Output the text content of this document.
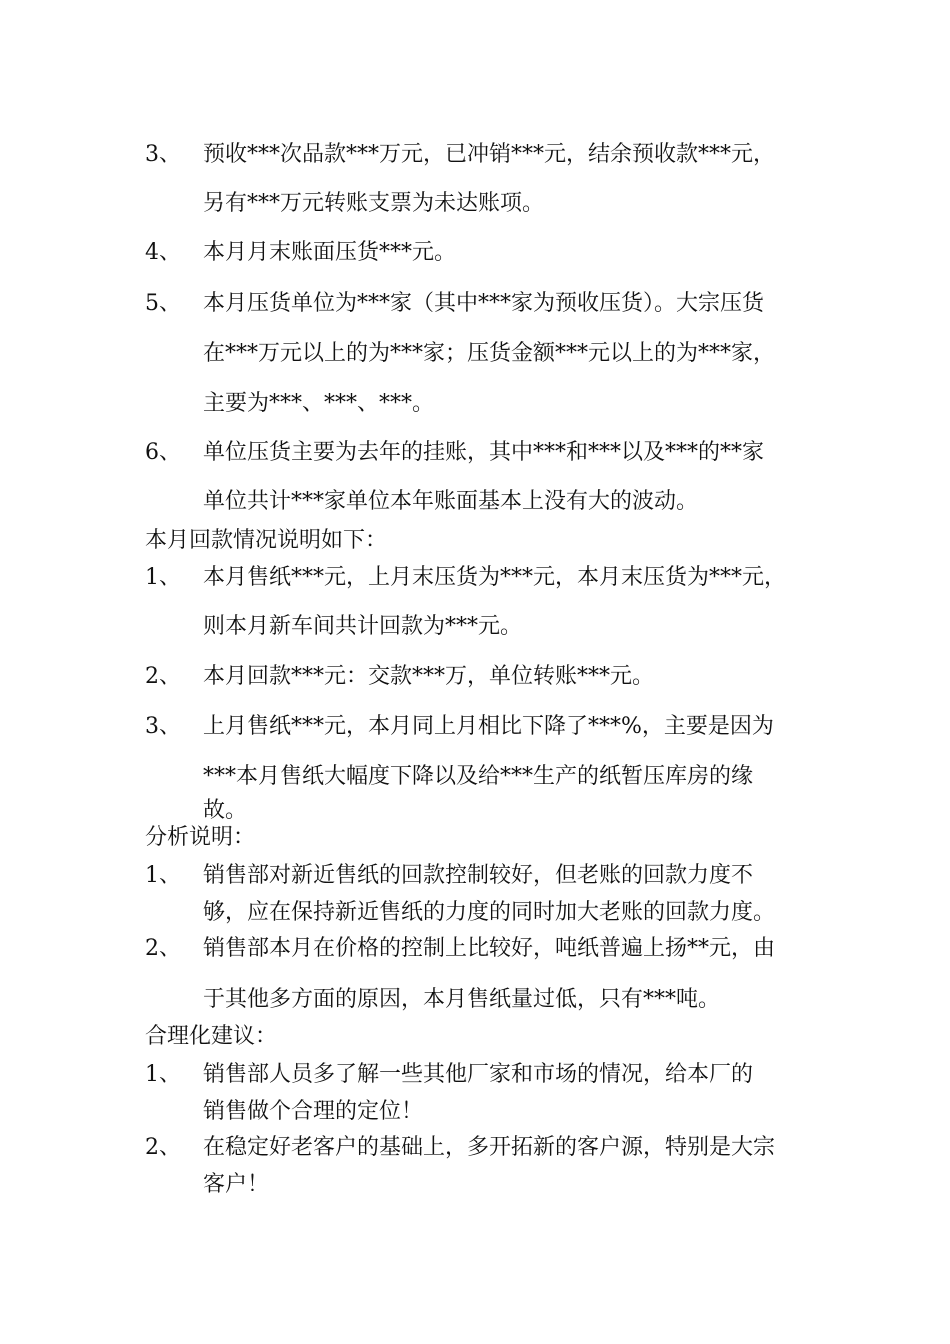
3、 预收***次品款***万元，已冲销***元，结余预收款***元，
另有***万元转账支票为未达账项。
4、 本月月末账面压货***元。
5、 本月压货单位为***家（其中***家为预收压货）。大宗压货
在***万元以上的为***家；压货金额***元以上的为***家，
主要为***、***、***。
6、 单位压货主要为去年的挂账，其中***和***以及***的**家
单位共计***家单位本年账面基本上没有大的波动。
本月回款情况说明如下：
1、 本月售纸***元，上月末压货为***元，本月末压货为***元，
则本月新车间共计回款为***元。
2、 本月回款***元：交款***万，单位转账***元。
3、 上月售纸***元，本月同上月相比下降了***%，主要是因为
***本月售纸大幅度下降以及给***生产的纸暂压库房的缘
故。
分析说明：
1、 销售部对新近售纸的回款控制较好，但老账的回款力度不
够，应在保持新近售纸的力度的同时加大老账的回款力度。
2、 销售部本月在价格的控制上比较好，吨纸普遍上扬**元，由
于其他多方面的原因，本月售纸量过低，只有***吨。
合理化建议：
1、 销售部人员多了解一些其他厂家和市场的情况，给本厂的
销售做个合理的定位！
2、 在稳定好老客户的基础上，多开拓新的客户源，特别是大宗
客户！
